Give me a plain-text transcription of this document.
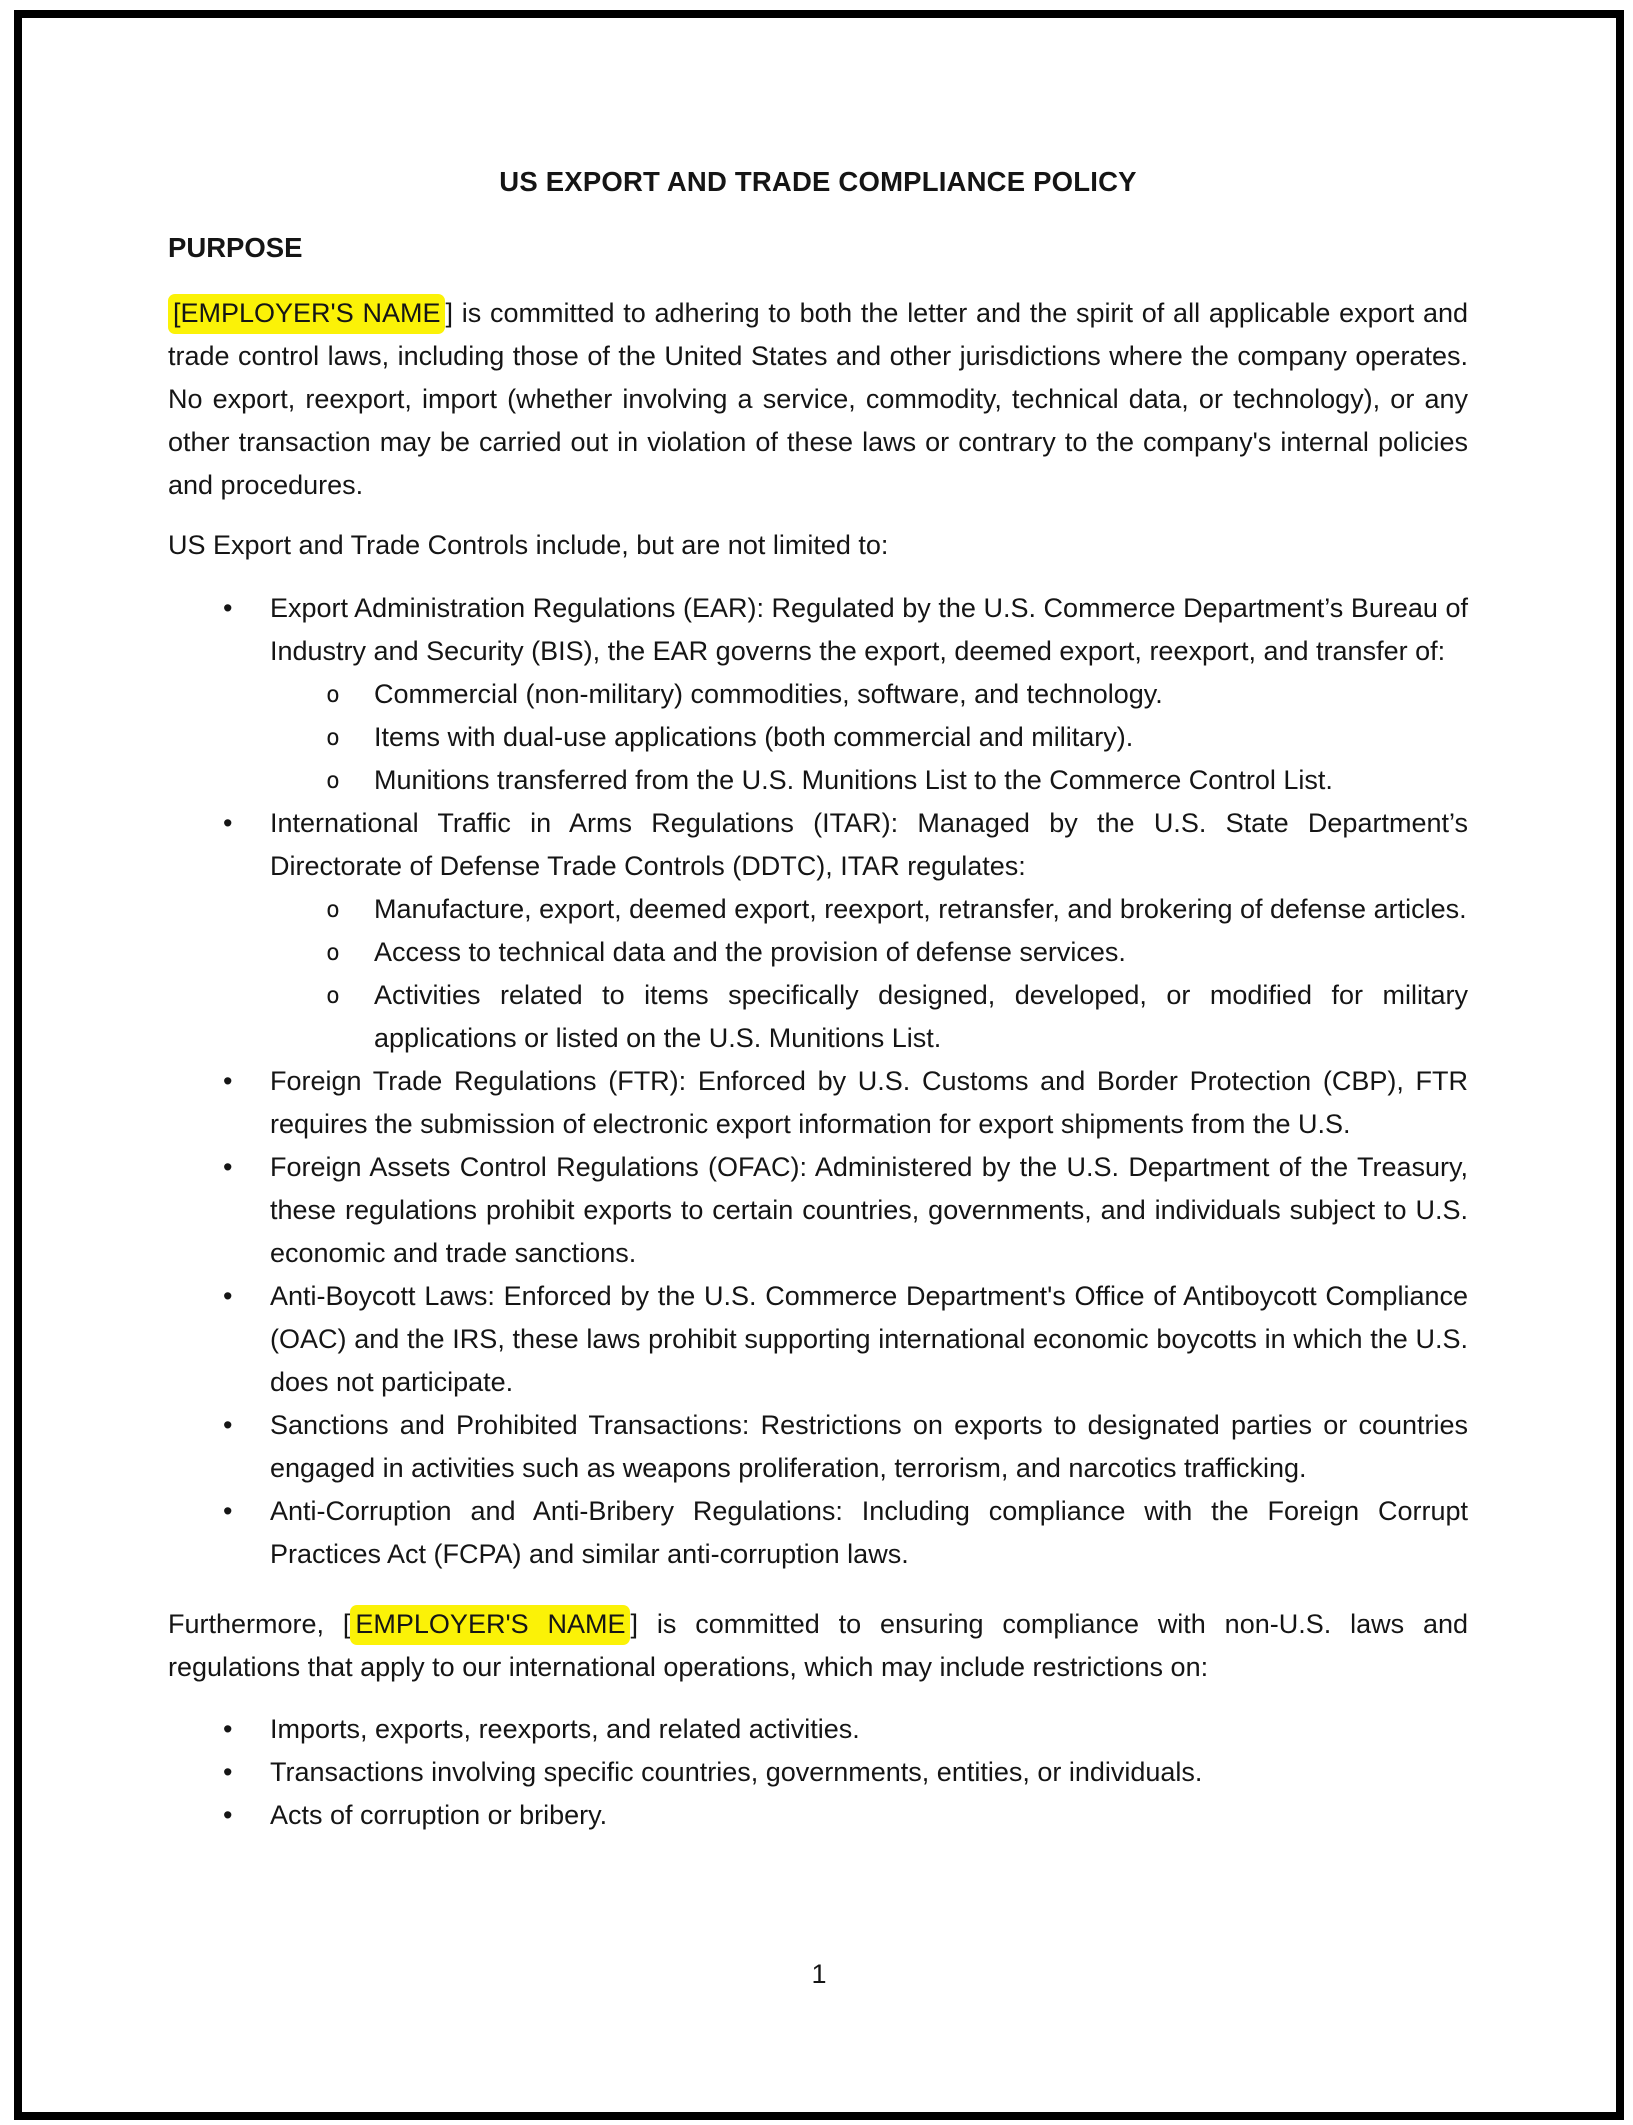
US EXPORT AND TRADE COMPLIANCE POLICY
PURPOSE

[EMPLOYER'S NAME ] is committed to adhering to both the letter and the spirit of all applicable export and trade control laws, including those of the United States and other jurisdictions where the company operates. No export, reexport, import (whether involving a service, commodity, technical data, or technology), or any other transaction may be carried out in violation of these laws or contrary to the company's internal policies and procedures.

US Export and Trade Controls include, but are not limited to:

• Export Administration Regulations (EAR): Regulated by the U.S. Commerce Department’s Bureau of Industry and Security (BIS), the EAR governs the export, deemed export, reexport, and transfer of:
o Commercial (non-military) commodities, software, and technology.
o Items with dual-use applications (both commercial and military).
o Munitions transferred from the U.S. Munitions List to the Commerce Control List.
• International Traffic in Arms Regulations (ITAR): Managed by the U.S. State Department’s Directorate of Defense Trade Controls (DDTC), ITAR regulates:
o Manufacture, export, deemed export, reexport, retransfer, and brokering of defense articles.
o Access to technical data and the provision of defense services.
o Activities related to items specifically designed, developed, or modified for military applications or listed on the U.S. Munitions List.
• Foreign Trade Regulations (FTR): Enforced by U.S. Customs and Border Protection (CBP), FTR requires the submission of electronic export information for export shipments from the U.S.
• Foreign Assets Control Regulations (OFAC): Administered by the U.S. Department of the Treasury, these regulations prohibit exports to certain countries, governments, and individuals subject to U.S. economic and trade sanctions.
• Anti-Boycott Laws: Enforced by the U.S. Commerce Department's Office of Antiboycott Compliance (OAC) and the IRS, these laws prohibit supporting international economic boycotts in which the U.S. does not participate.
• Sanctions and Prohibited Transactions: Restrictions on exports to designated parties or countries engaged in activities such as weapons proliferation, terrorism, and narcotics trafficking.
• Anti-Corruption and Anti-Bribery Regulations: Including compliance with the Foreign Corrupt Practices Act (FCPA) and similar anti-corruption laws.

Furthermore, [ EMPLOYER'S NAME ] is committed to ensuring compliance with non-U.S. laws and regulations that apply to our international operations, which may include restrictions on:

• Imports, exports, reexports, and related activities.
• Transactions involving specific countries, governments, entities, or individuals.
• Acts of corruption or bribery.
1
